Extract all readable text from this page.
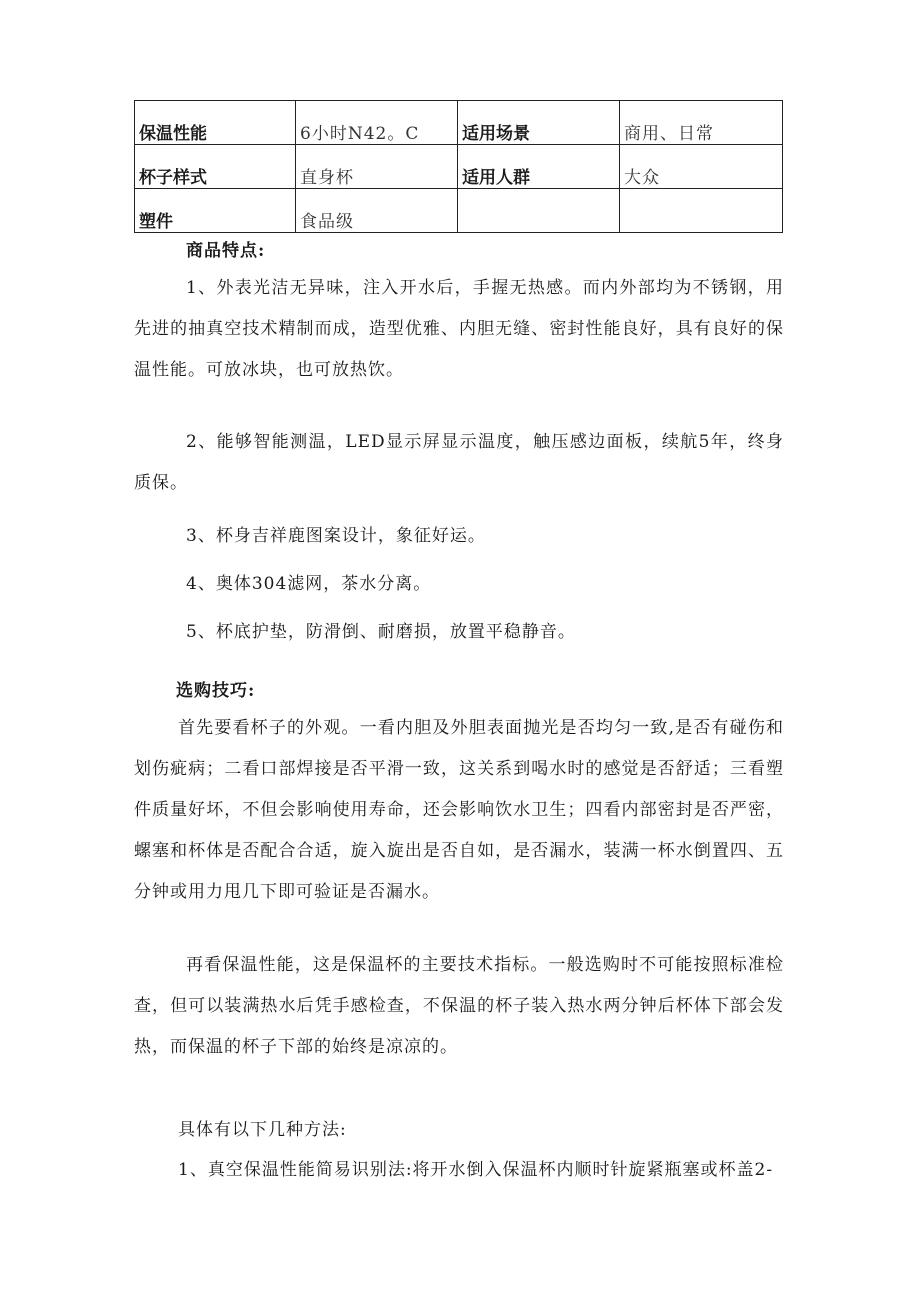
保温性能	6小时N42。C	适用场景	商用、日常
杯子样式	直身杯	适用人群	大众
塑件	食品级		
商品特点:

1、外表光洁无异味，注入开水后，手握无热感。而内外部均为不锈钢，用先进的抽真空技术精制而成，造型优雅、内胆无缝、密封性能良好，具有良好的保温性能。可放冰块，也可放热饮。

2、能够智能测温，LED显示屏显示温度，触压感边面板，续航5年，终身质保。

3、杯身吉祥鹿图案设计，象征好运。

4、奥体304滤网，茶水分离。

5、杯底护垫，防滑倒、耐磨损，放置平稳静音。

选购技巧:

首先要看杯子的外观。一看内胆及外胆表面抛光是否均匀一致,是否有碰伤和划伤疵病；二看口部焊接是否平滑一致，这关系到喝水时的感觉是否舒适；三看塑件质量好坏，不但会影响使用寿命，还会影响饮水卫生；四看内部密封是否严密，螺塞和杯体是否配合合适，旋入旋出是否自如，是否漏水，装满一杯水倒置四、五分钟或用力甩几下即可验证是否漏水。

再看保温性能，这是保温杯的主要技术指标。一般选购时不可能按照标准检查，但可以装满热水后凭手感检查，不保温的杯子装入热水两分钟后杯体下部会发热，而保温的杯子下部的始终是凉凉的。

具体有以下几种方法:

1、真空保温性能简易识别法:将开水倒入保温杯内顺时针旋紧瓶塞或杯盖2-
